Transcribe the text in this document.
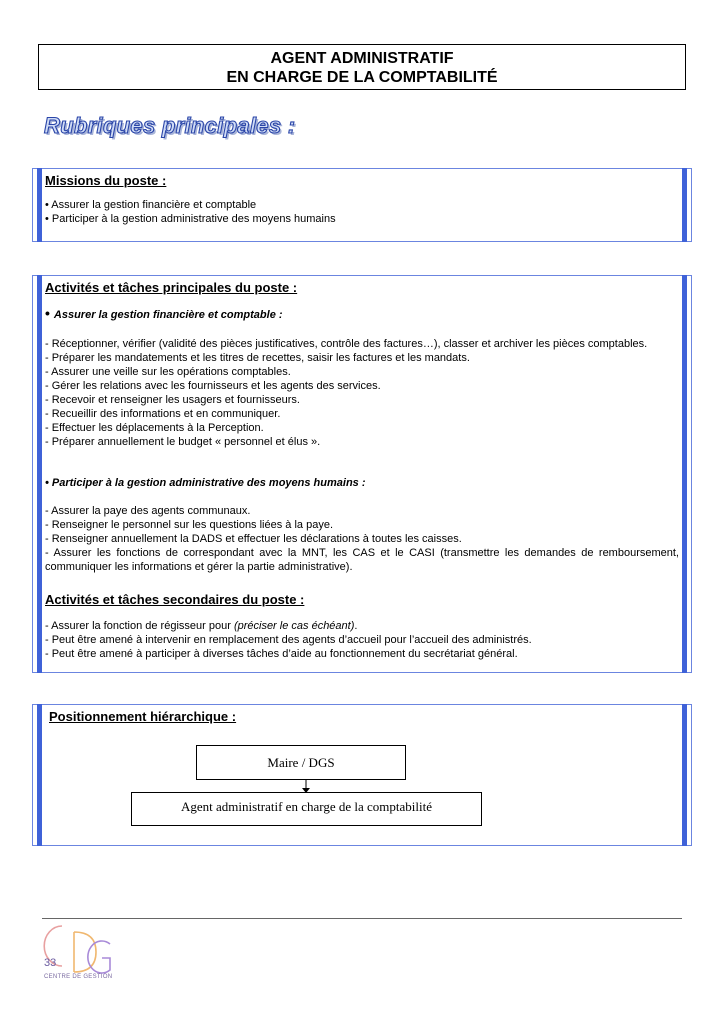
AGENT ADMINISTRATIF
EN CHARGE DE LA COMPTABILITÉ
Rubriques principales :
Missions du poste :
• Assurer la gestion financière et comptable
• Participer à la gestion administrative des moyens humains
Activités et tâches principales du poste :
• Assurer la gestion financière et comptable :
- Réceptionner, vérifier (validité des pièces justificatives, contrôle des factures…), classer et archiver les pièces comptables.
- Préparer les mandatements et les titres de recettes, saisir les factures et les mandats.
- Assurer une veille sur les opérations comptables.
- Gérer les relations avec les fournisseurs et les agents des services.
- Recevoir et renseigner les usagers et fournisseurs.
- Recueillir des informations et en communiquer.
- Effectuer les déplacements à la Perception.
- Préparer annuellement le budget « personnel et élus ».
• Participer à la gestion administrative des moyens humains :
- Assurer la paye des agents communaux.
- Renseigner le personnel sur les questions liées à la paye.
- Renseigner annuellement la DADS et effectuer les déclarations à toutes les caisses.
- Assurer les fonctions de correspondant avec la MNT, les CAS et le CASI (transmettre les demandes de remboursement, communiquer les informations et gérer la partie administrative).
Activités et tâches secondaires du poste :
- Assurer la fonction de régisseur pour (préciser le cas échéant).
- Peut être amené à intervenir en remplacement des agents d’accueil pour l’accueil des administrés.
- Peut être amené à participer à diverses tâches d’aide au fonctionnement du secrétariat général.
Positionnement hiérarchique :
Maire / DGS
Agent administratif en charge de la comptabilité
33
CENTRE DE GESTION
